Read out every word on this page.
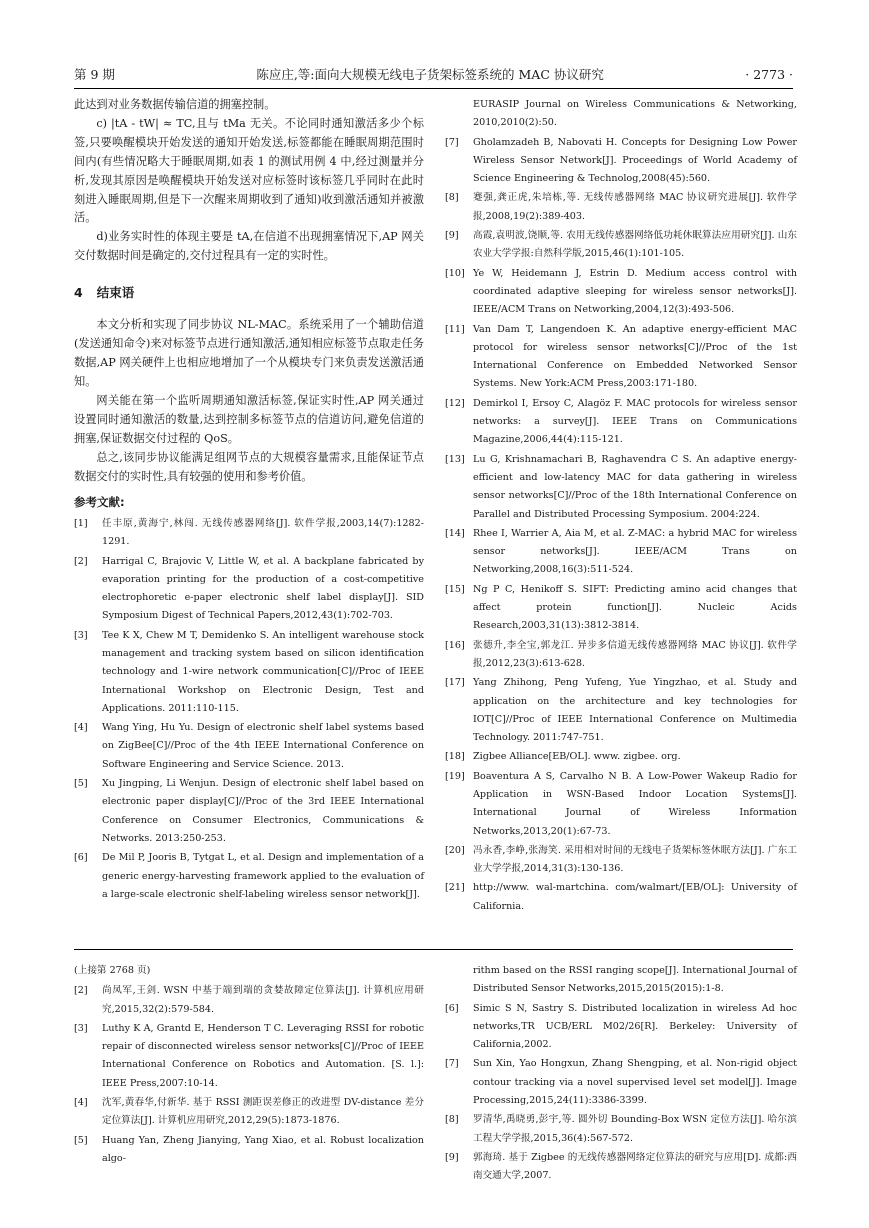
第 9 期	陈应庄,等:面向大规模无线电子货架标签系统的 MAC 协议研究	· 2773 ·

此达到对业务数据传输信道的拥塞控制。

c) |tA - tW| ≈ TC,且与 tMa 无关。不论同时通知激活多少个标签,只要唤醒模块开始发送的通知开始发送,标签都能在睡眠周期范围时间内(有些情况略大于睡眠周期,如表 1 的测试用例 4 中,经过测量并分析,发现其原因是唤醒模块开始发送对应标签时该标签几乎同时在此时刻进入睡眠周期,但是下一次醒来周期收到了通知)收到激活通知并被激活。

d)业务实时性的体现主要是 tA,在信道不出现拥塞情况下,AP 网关交付数据时间是确定的,交付过程具有一定的实时性。

4 结束语

本文分析和实现了同步协议 NL-MAC。系统采用了一个辅助信道(发送通知命令)来对标签节点进行通知激活,通知相应标签节点取走任务数据,AP 网关硬件上也相应地增加了一个从模块专门来负责发送激活通知。

网关能在第一个监听周期通知激活标签,保证实时性,AP 网关通过设置同时通知激活的数量,达到控制多标签节点的信道访问,避免信道的拥塞,保证数据交付过程的 QoS。

总之,该同步协议能满足组网节点的大规模容量需求,且能保证节点数据交付的实时性,具有较强的使用和参考价值。

参考文献:
[1]	任丰原,黄海宁,林闯. 无线传感器网络[J]. 软件学报,2003,14(7):1282-1291.
[2]	Harrigal C, Brajovic V, Little W, et al. A backplane fabricated by evaporation printing for the production of a cost-competitive electrophoretic e-paper electronic shelf label display[J]. SID Symposium Digest of Technical Papers,2012,43(1):702-703.
[3]	Tee K X, Chew M T, Demidenko S. An intelligent warehouse stock management and tracking system based on silicon identification technology and 1-wire network communication[C]//Proc of IEEE International Workshop on Electronic Design, Test and Applications. 2011:110-115.
[4]	Wang Ying, Hu Yu. Design of electronic shelf label systems based on ZigBee[C]//Proc of the 4th IEEE International Conference on Software Engineering and Service Science. 2013.
[5]	Xu Jingping, Li Wenjun. Design of electronic shelf label based on electronic paper display[C]//Proc of the 3rd IEEE International Conference on Consumer Electronics, Communications & Networks. 2013:250-253.
[6]	De Mil P, Jooris B, Tytgat L, et al. Design and implementation of a generic energy-harvesting framework applied to the evaluation of a large-scale electronic shelf-labeling wireless sensor network[J].
EURASIP Journal on Wireless Communications & Networking, 2010,2010(2):50.
[7]	Gholamzadeh B, Nabovati H. Concepts for Designing Low Power Wireless Sensor Network[J]. Proceedings of World Academy of Science Engineering & Technolog,2008(45):560.
[8]	蹇强,龚正虎,朱培栋,等. 无线传感器网络 MAC 协议研究进展[J]. 软件学报,2008,19(2):389-403.
[9]	高霞,袁明波,饶顺,等. 农用无线传感器网络低功耗休眠算法应用研究[J]. 山东农业大学学报:自然科学版,2015,46(1):101-105.
[10] Ye W, Heidemann J, Estrin D. Medium access control with coordinated adaptive sleeping for wireless sensor networks[J]. IEEE/ACM Trans on Networking,2004,12(3):493-506.
[11] Van Dam T, Langendoen K. An adaptive energy-efficient MAC protocol for wireless sensor networks[C]//Proc of the 1st International Conference on Embedded Networked Sensor Systems. New York:ACM Press,2003:171-180.
[12] Demirkol I, Ersoy C, Alagöz F. MAC protocols for wireless sensor networks: a survey[J]. IEEE Trans on Communications Magazine,2006,44(4):115-121.
[13] Lu G, Krishnamachari B, Raghavendra C S. An adaptive energy-efficient and low-latency MAC for data gathering in wireless sensor networks[C]//Proc of the 18th International Conference on Parallel and Distributed Processing Symposium. 2004:224.
[14] Rhee I, Warrier A, Aia M, et al. Z-MAC: a hybrid MAC for wireless sensor networks[J]. IEEE/ACM Trans on Networking,2008,16(3):511-524.
[15] Ng P C, Henikoff S. SIFT: Predicting amino acid changes that affect protein function[J]. Nucleic Acids Research,2003,31(13):3812-3814.
[16] 张德升,李全宝,郭龙江. 异步多信道无线传感器网络 MAC 协议[J]. 软件学报,2012,23(3):613-628.
[17] Yang Zhihong, Peng Yufeng, Yue Yingzhao, et al. Study and application on the architecture and key technologies for IOT[C]//Proc of IEEE International Conference on Multimedia Technology. 2011:747-751.
[18] Zigbee Alliance[EB/OL]. www. zigbee. org.
[19] Boaventura A S, Carvalho N B. A Low-Power Wakeup Radio for Application in WSN-Based Indoor Location Systems[J]. International Journal of Wireless Information Networks,2013,20(1):67-73.
[20] 冯永香,李峥,张海笑. 采用相对时间的无线电子货架标签休眠方法[J]. 广东工业大学学报,2014,31(3):130-136.
[21] http://www. wal-martchina. com/walmart/[EB/OL]: University of California.
(上接第 2768 页)
[2]	尚凤军,王剑. WSN 中基于端到端的贪婪故障定位算法[J]. 计算机应用研究,2015,32(2):579-584.
[3]	Luthy K A, Grantd E, Henderson T C. Leveraging RSSI for robotic repair of disconnected wireless sensor networks[C]//Proc of IEEE International Conference on Robotics and Automation. [S. l.]: IEEE Press,2007:10-14.
[4]	沈军,黄春华,付新华. 基于 RSSI 测距误差修正的改进型 DV-distance 差分定位算法[J]. 计算机应用研究,2012,29(5):1873-1876.
[5]	Huang Yan, Zheng Jianying, Yang Xiao, et al. Robust localization algo-
rithm based on the RSSI ranging scope[J]. International Journal of Distributed Sensor Networks,2015,2015(2015):1-8.
[6]	Simic S N, Sastry S. Distributed localization in wireless Ad hoc networks,TR UCB/ERL M02/26[R]. Berkeley: University of California,2002.
[7]	Sun Xin, Yao Hongxun, Zhang Shengping, et al. Non-rigid object contour tracking via a novel supervised level set model[J]. Image Processing,2015,24(11):3386-3399.
[8]	罗清华,禹晓勇,彭宇,等. 圆外切 Bounding-Box WSN 定位方法[J]. 哈尔滨工程大学学报,2015,36(4):567-572.
[9]	郭海琦. 基于 Zigbee 的无线传感器网络定位算法的研究与应用[D]. 成都:西南交通大学,2007.
